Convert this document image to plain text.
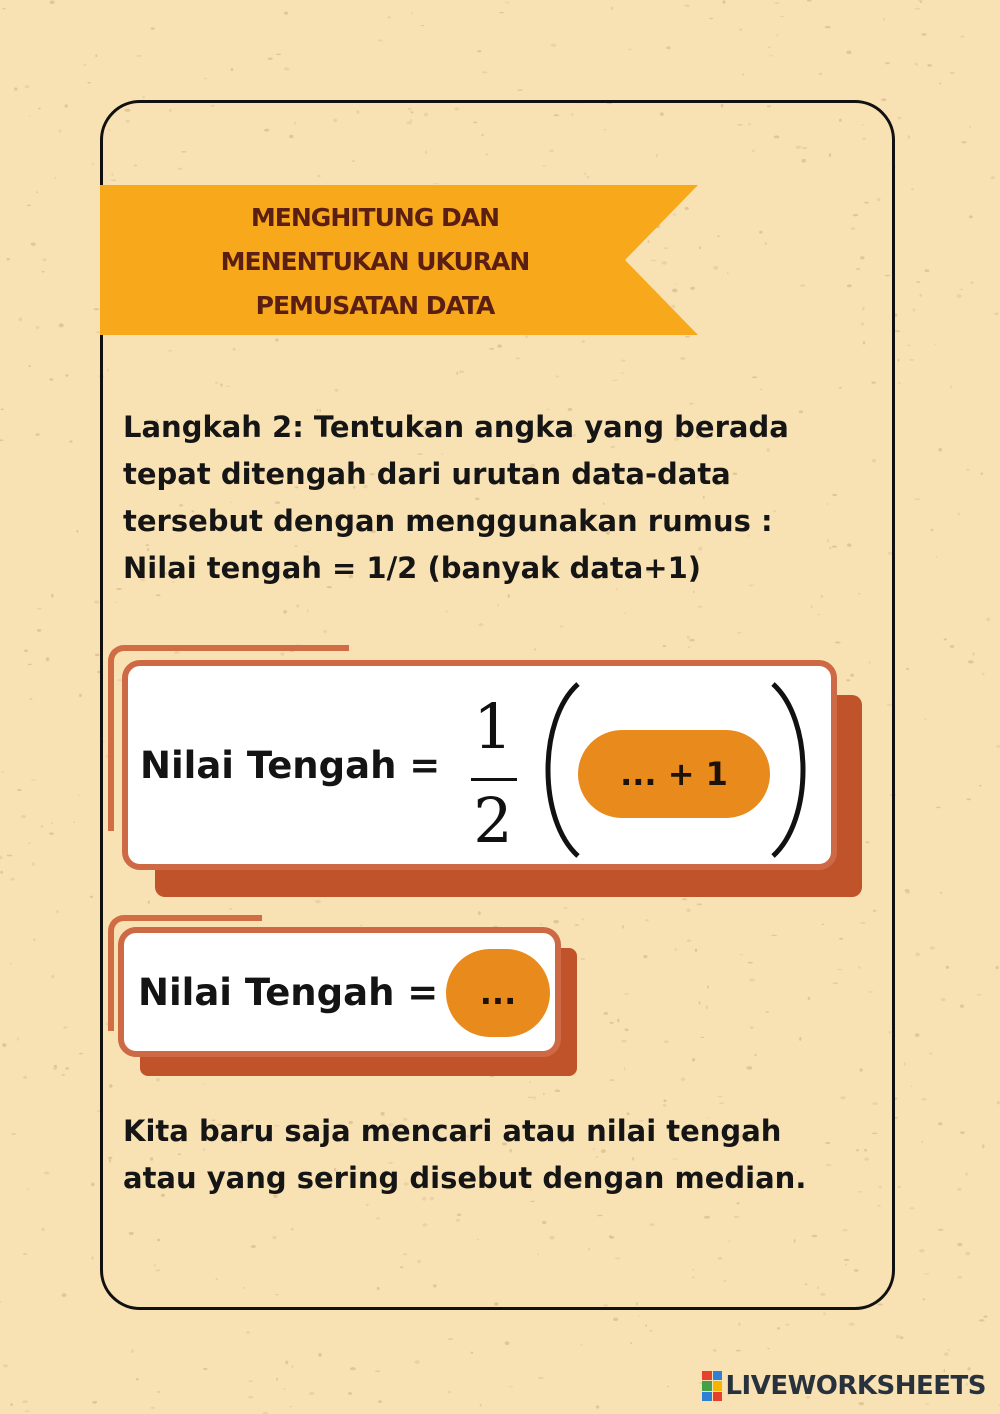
MENGHITUNG DAN
MENENTUKAN UKURAN
PEMUSATAN DATA

Langkah 2: Tentukan angka yang berada
tepat ditengah dari urutan data-data
tersebut dengan menggunakan rumus :
Nilai tengah = 1/2 (banyak data+1)

Nilai Tengah =
1
2
... + 1
Nilai Tengah =	...

Kita baru saja mencari atau nilai tengah
atau yang sering disebut dengan median.

LIVEWORKSHEETS
